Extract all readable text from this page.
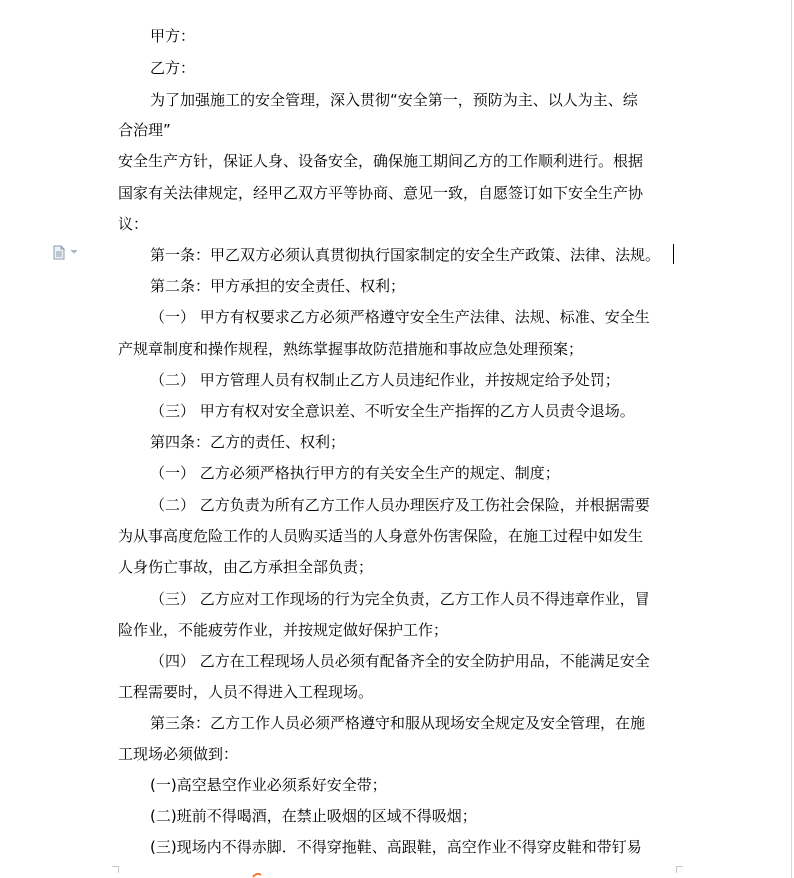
甲方：
乙方：
为了加强施工的安全管理，深入贯彻“安全第一，预防为主、以人为主、综
合治理”
安全生产方针，保证人身、设备安全，确保施工期间乙方的工作顺利进行。根据
国家有关法律规定，经甲乙双方平等协商、意见一致，自愿签订如下安全生产协
议：
第一条：甲乙双方必须认真贯彻执行国家制定的安全生产政策、法律、法规。
第二条：甲方承担的安全责任、权利；
（一） 甲方有权要求乙方必须严格遵守安全生产法律、法规、标准、安全生
产规章制度和操作规程，熟练掌握事故防范措施和事故应急处理预案；
（二） 甲方管理人员有权制止乙方人员违纪作业，并按规定给予处罚；
（三） 甲方有权对安全意识差、不听安全生产指挥的乙方人员责令退场。
第四条：乙方的责任、权利；
（一） 乙方必须严格执行甲方的有关安全生产的规定、制度；
（二） 乙方负责为所有乙方工作人员办理医疗及工伤社会保险，并根据需要
为从事高度危险工作的人员购买适当的人身意外伤害保险，在施工过程中如发生
人身伤亡事故，由乙方承担全部负责；
（三） 乙方应对工作现场的行为完全负责，乙方工作人员不得违章作业，冒
险作业，不能疲劳作业，并按规定做好保护工作；
（四） 乙方在工程现场人员必须有配备齐全的安全防护用品，不能满足安全
工程需要时，人员不得进入工程现场。
第三条：乙方工作人员必须严格遵守和服从现场安全规定及安全管理，在施
工现场必须做到：
(一)高空悬空作业必须系好安全带；
(二)班前不得喝酒，在禁止吸烟的区域不得吸烟；
(三)现场内不得赤脚．不得穿拖鞋、高跟鞋，高空作业不得穿皮鞋和带钉易
